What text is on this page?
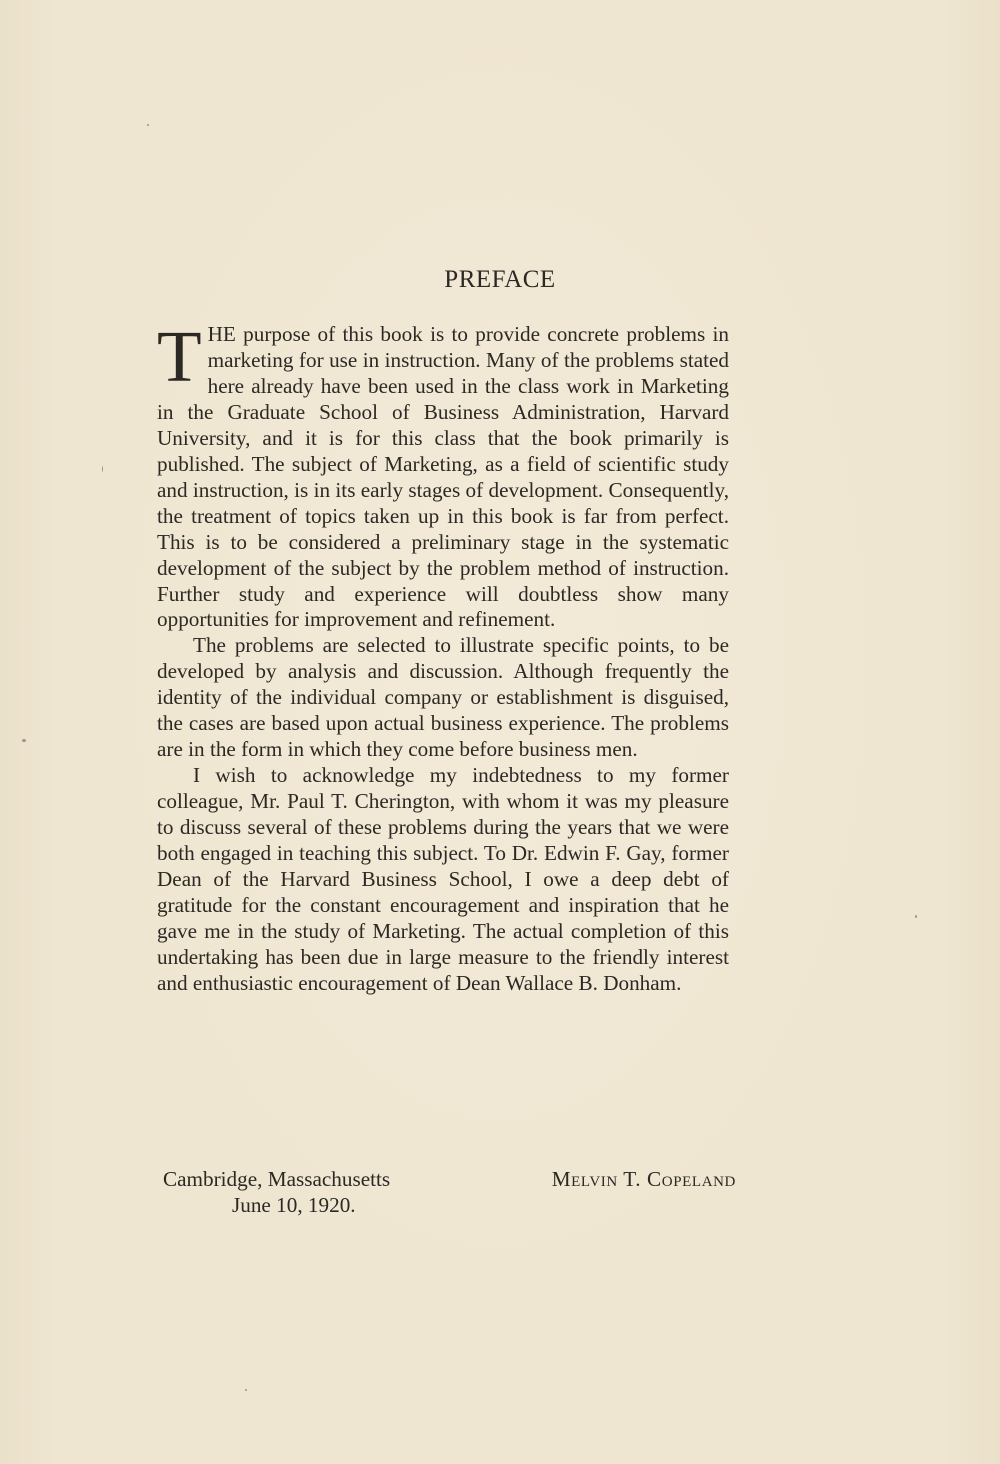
PREFACE

THE purpose of this book is to provide concrete problems in marketing for use in instruction. Many of the problems stated here already have been used in the class work in Marketing in the Graduate School of Business Administration, Harvard University, and it is for this class that the book primarily is published. The subject of Marketing, as a field of scientific study and instruction, is in its early stages of development. Consequently, the treatment of topics taken up in this book is far from perfect. This is to be considered a preliminary stage in the systematic development of the subject by the problem method of instruction. Further study and experience will doubtless show many opportunities for improvement and refinement.

The problems are selected to illustrate specific points, to be developed by analysis and discussion. Although frequently the identity of the individual company or establishment is disguised, the cases are based upon actual business experience. The problems are in the form in which they come before business men.

I wish to acknowledge my indebtedness to my former colleague, Mr. Paul T. Cherington, with whom it was my pleasure to discuss several of these problems during the years that we were both engaged in teaching this subject. To Dr. Edwin F. Gay, former Dean of the Harvard Business School, I owe a deep debt of gratitude for the constant encouragement and inspiration that he gave me in the study of Marketing. The actual completion of this undertaking has been due in large measure to the friendly interest and enthusiastic encouragement of Dean Wallace B. Donham.

Cambridge, Massachusetts
June 10, 1920.
Melvin T. Copeland
